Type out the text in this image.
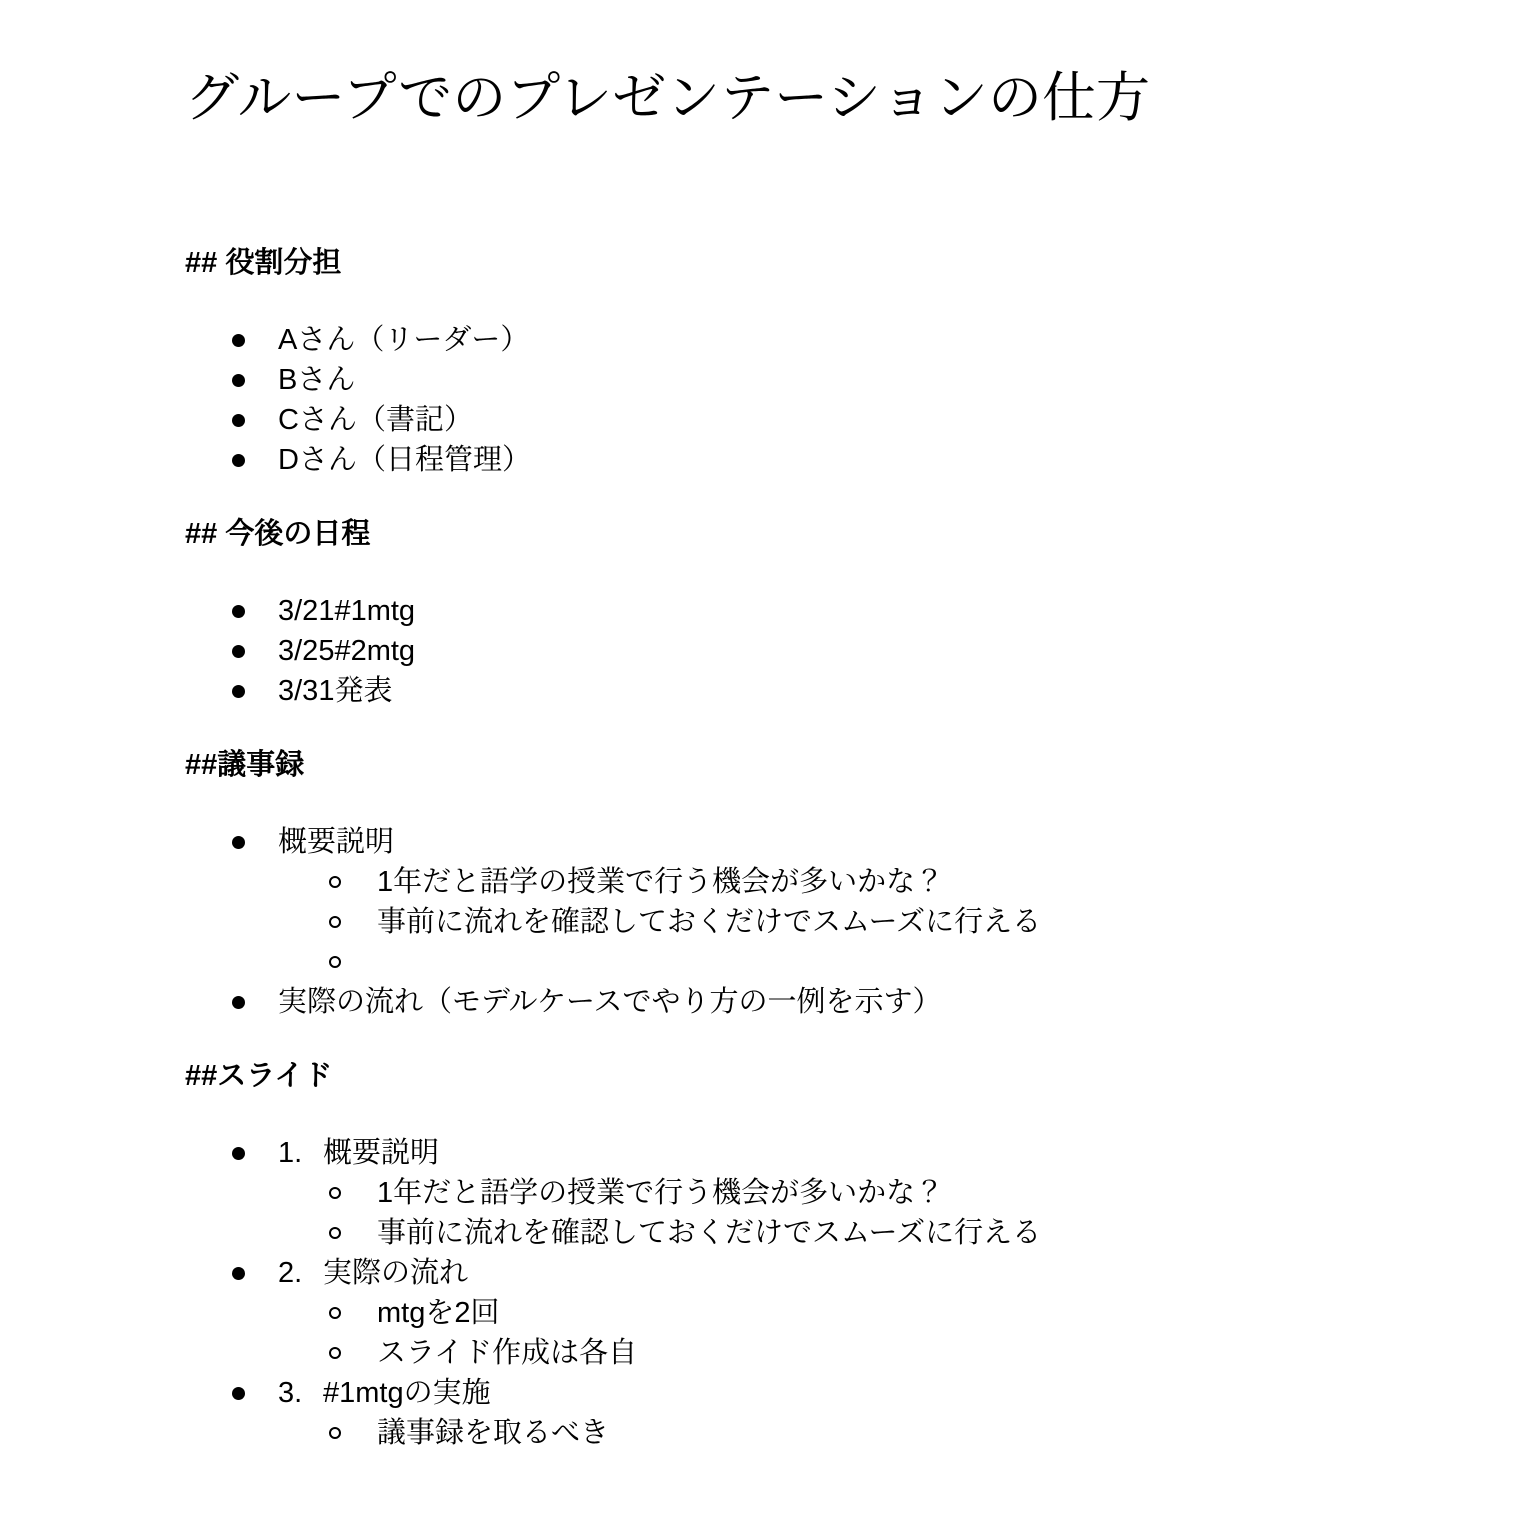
グループでのプレゼンテーションの仕方
## 役割分担
Aさん（リーダー）
Bさん
Cさん（書記）
Dさん（日程管理）
## 今後の日程
3/21#1mtg
3/25#2mtg
3/31発表
##議事録
概要説明
1年だと語学の授業で行う機会が多いかな？
事前に流れを確認しておくだけでスムーズに行える
実際の流れ（モデルケースでやり方の一例を示す）
##スライド
1. 概要説明
1年だと語学の授業で行う機会が多いかな？
事前に流れを確認しておくだけでスムーズに行える
2. 実際の流れ
mtgを2回
スライド作成は各自
3. #1mtgの実施
議事録を取るべき
